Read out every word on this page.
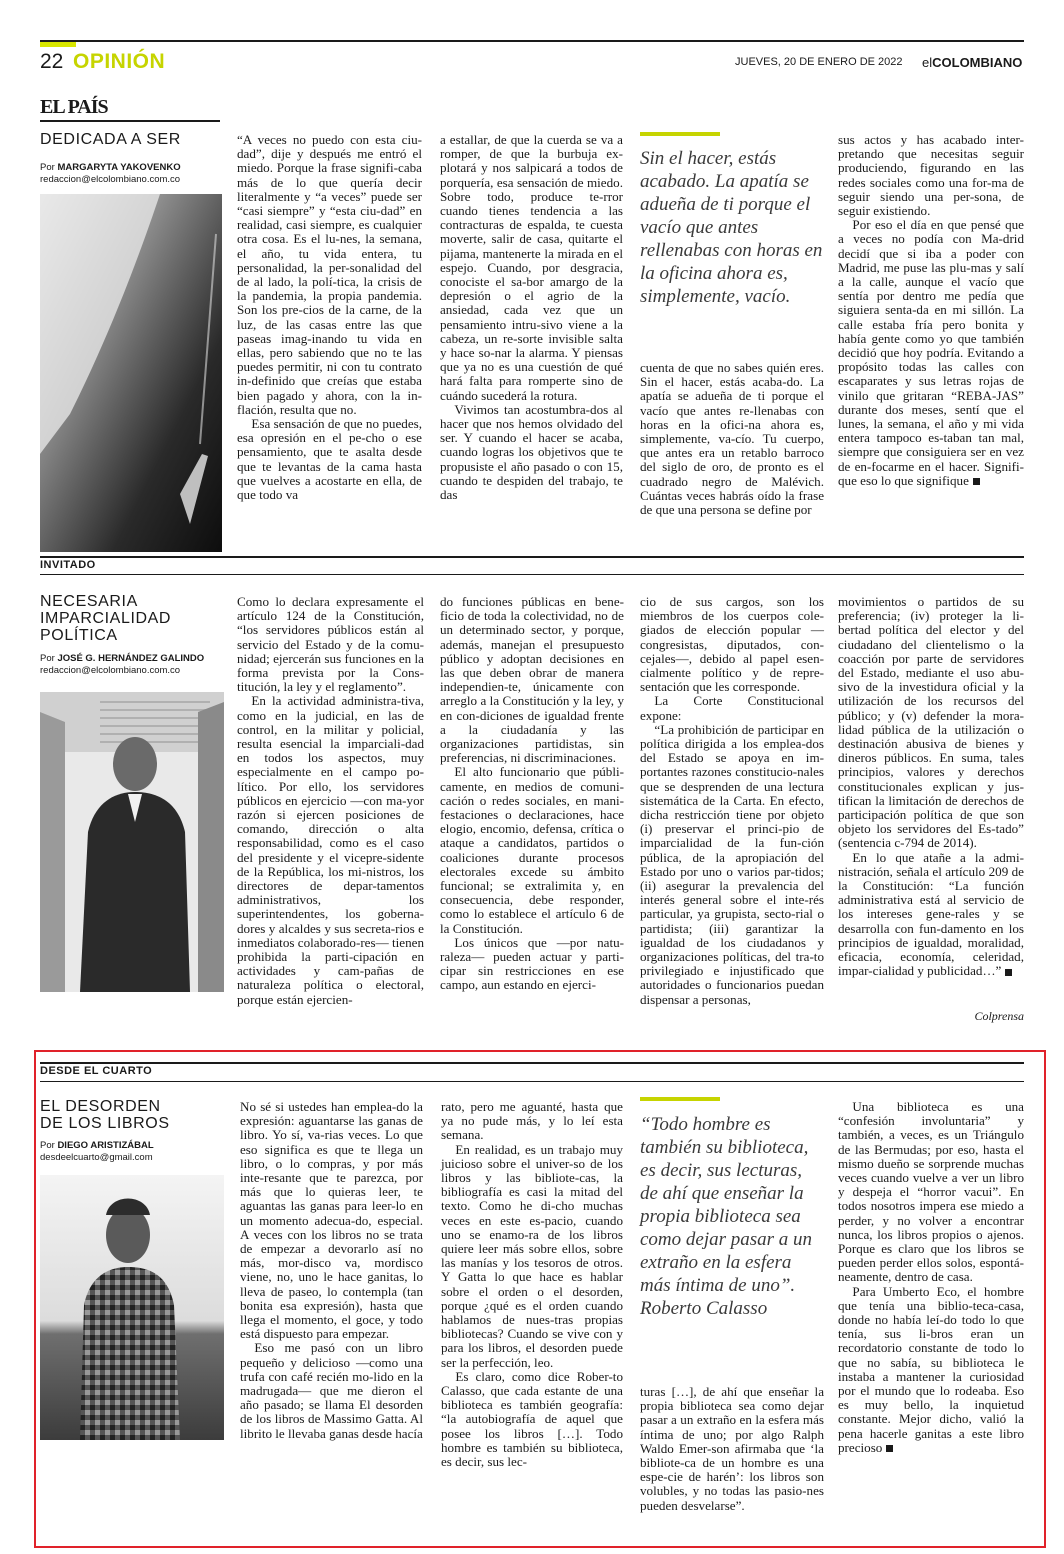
22 OPINIÓN	JUEVES, 20 DE ENERO DE 2022 elCOLOMBIANO
EL PAÍS
DEDICADA A SER
Por MARGARYTA YAKOVENKO
redaccion@elcolombiano.com.co

“A veces no puedo con esta ciu-dad”, dije y después me entró el miedo. Porque la frase signifi-caba más de lo que quería decir literalmente y “a veces” puede ser “casi siempre” y “esta ciu-dad” en realidad, casi siempre, es cualquier otra cosa. Es el lu-nes, la semana, el año, tu vida entera, tu personalidad, la per-sonalidad del de al lado, la polí-tica, la crisis de la pandemia, la propia pandemia. Son los pre-cios de la carne, de la luz, de las casas entre las que paseas imag-inando tu vida en ellas, pero sabiendo que no te las puedes permitir, ni con tu contrato in-definido que creías que estaba bien pagado y ahora, con la in-flación, resulta que no.

Esa sensación de que no puedes, esa opresión en el pe-cho o ese pensamiento, que te asalta desde que te levantas de la cama hasta que vuelves a acostarte en ella, de que todo va

a estallar, de que la cuerda se va a romper, de que la burbuja ex-plotará y nos salpicará a todos de porquería, esa sensación de miedo. Sobre todo, produce te-rror cuando tienes tendencia a las contracturas de espalda, te cuesta moverte, salir de casa, quitarte el pijama, mantenerte la mirada en el espejo. Cuando, por desgracia, conociste el sa-bor amargo de la depresión o el agrio de la ansiedad, cada vez que un pensamiento intru-sivo viene a la cabeza, un re-sorte invisible salta y hace so-nar la alarma. Y piensas que ya no es una cuestión de qué hará falta para romperte sino de cuándo sucederá la rotura.

Vivimos tan acostumbra-dos al hacer que nos hemos olvidado del ser. Y cuando el hacer se acaba, cuando logras los objetivos que te propusiste el año pasado o con 15, cuando te despiden del trabajo, te das

Sin el hacer, estás acabado. La apatía se adueña de ti porque el vacío que antes rellenabas con horas en la oficina ahora es, simplemente, vacío.

cuenta de que no sabes quién eres. Sin el hacer, estás acaba-do. La apatía se adueña de ti porque el vacío que antes re-llenabas con horas en la ofici-na ahora es, simplemente, va-cío. Tu cuerpo, que antes era un retablo barroco del siglo de oro, de pronto es el cuadrado negro de Malévich. Cuántas veces habrás oído la frase de que una persona se define por

sus actos y has acabado inter-pretando que necesitas seguir produciendo, figurando en las redes sociales como una for-ma de seguir siendo una per-sona, de seguir existiendo.

Por eso el día en que pensé que a veces no podía con Ma-drid decidí que si iba a poder con Madrid, me puse las plu-mas y salí a la calle, aunque el vacío que sentía por dentro me pedía que siguiera senta-da en mi sillón. La calle estaba fría pero bonita y había gente como yo que también decidió que hoy podría. Evitando a propósito todas las calles con escaparates y sus letras rojas de vinilo que gritaran “REBA-JAS” durante dos meses, sentí que el lunes, la semana, el año y mi vida entera tampoco es-taban tan mal, siempre que consiguiera ser en vez de en-focarme en el hacer. Signifi-que eso lo que signifique

INVITADO
NECESARIA
IMPARCIALIDAD
POLÍTICA
Por JOSÉ G. HERNÁNDEZ GALINDO
redaccion@elcolombiano.com.co

Como lo declara expresamente el artículo 124 de la Constitución, “los servidores públicos están al servicio del Estado y de la comu-nidad; ejercerán sus funciones en la forma prevista por la Cons-titución, la ley y el reglamento”.

En la actividad administra-tiva, como en la judicial, en las de control, en la militar y policial, resulta esencial la imparciali-dad en todos los aspectos, muy especialmente en el campo po-lítico. Por ello, los servidores públicos en ejercicio —con ma-yor razón si ejercen posiciones de comando, dirección o alta responsabilidad, como es el caso del presidente y el vicepre-sidente de la República, los mi-nistros, los directores de depar-tamentos administrativos, los superintendentes, los goberna-dores y alcaldes y sus secreta-rios e inmediatos colaborado-res— tienen prohibida la parti-cipación en actividades y cam-pañas de naturaleza política o electoral, porque están ejercien-

do funciones públicas en bene-ficio de toda la colectividad, no de un determinado sector, y porque, además, manejan el presupuesto público y adoptan decisiones en las que deben obrar de manera independien-te, únicamente con arreglo a la Constitución y la ley, y en con-diciones de igualdad frente a la ciudadanía y las organizaciones partidistas, sin preferencias, ni discriminaciones.

El alto funcionario que públi-camente, en medios de comuni-cación o redes sociales, en mani-festaciones o declaraciones, hace elogio, encomio, defensa, crítica o ataque a candidatos, partidos o coaliciones durante procesos electorales excede su ámbito funcional; se extralimita y, en consecuencia, debe responder, como lo establece el artículo 6 de la Constitución.

Los únicos que —por natu-raleza— pueden actuar y parti-cipar sin restricciones en ese campo, aun estando en ejerci-

cio de sus cargos, son los miembros de los cuerpos cole-giados de elección popular —congresistas, diputados, con-cejales—, debido al papel esen-cialmente político y de repre-sentación que les corresponde.

La Corte Constitucional expone:

“La prohibición de participar en política dirigida a los emplea-dos del Estado se apoya en im-portantes razones constitucio-nales que se desprenden de una lectura sistemática de la Carta. En efecto, dicha restricción tiene por objeto (i) preservar el princi-pio de imparcialidad de la fun-ción pública, de la apropiación del Estado por uno o varios par-tidos; (ii) asegurar la prevalencia del interés general sobre el inte-rés particular, ya grupista, secto-rial o partidista; (iii) garantizar la igualdad de los ciudadanos y organizaciones políticas, del tra-to privilegiado e injustificado que autoridades o funcionarios puedan dispensar a personas,

movimientos o partidos de su preferencia; (iv) proteger la li-bertad política del elector y del ciudadano del clientelismo o la coacción por parte de servidores del Estado, mediante el uso abu-sivo de la investidura oficial y la utilización de los recursos del público; y (v) defender la mora-lidad pública de la utilización o destinación abusiva de bienes y dineros públicos. En suma, tales principios, valores y derechos constitucionales explican y jus-tifican la limitación de derechos de participación política de que son objeto los servidores del Es-tado” (sentencia c-794 de 2014).

En lo que atañe a la admi-nistración, señala el artículo 209 de la Constitución: “La función administrativa está al servicio de los intereses gene-rales y se desarrolla con fun-damento en los principios de igualdad, moralidad, eficacia, economía, celeridad, impar-cialidad y publicidad…”

Colprensa
DESDE EL CUARTO
EL DESORDEN
DE LOS LIBROS
Por DIEGO ARISTIZÁBAL
desdeelcuarto@gmail.com

No sé si ustedes han emplea-do la expresión: aguantarse las ganas de libro. Yo sí, va-rias veces. Lo que eso significa es que te llega un libro, o lo compras, y por más inte-resante que te parezca, por más que lo quieras leer, te aguantas las ganas para leer-lo en un momento adecua-do, especial. A veces con los libros no se trata de empezar a devorarlo así no más, mor-disco va, mordisco viene, no, uno le hace ganitas, lo lleva de paseo, lo contempla (tan bonita esa expresión), hasta que llega el momento, el goce, y todo está dispuesto para empezar.

Eso me pasó con un libro pequeño y delicioso —como una trufa con café recién mo-lido en la madrugada— que me dieron el año pasado; se llama El desorden de los libros de Massimo Gatta. Al librito le llevaba ganas desde hacía

rato, pero me aguanté, hasta que ya no pude más, y lo leí esta semana.

En realidad, es un trabajo muy juicioso sobre el univer-so de los libros y las bibliote-cas, la bibliografía es casi la mitad del texto. Como he di-cho muchas veces en este es-pacio, cuando uno se enamo-ra de los libros quiere leer más sobre ellos, sobre las manías y los tesoros de otros. Y Gatta lo que hace es hablar sobre el orden o el desorden, porque ¿qué es el orden cuando hablamos de nues-tras propias bibliotecas? Cuando se vive con y para los libros, el desorden puede ser la perfección, leo.

Es claro, como dice Rober-to Calasso, que cada estante de una biblioteca es también geografía: “la autobiografía de aquel que posee los libros […]. Todo hombre es también su biblioteca, es decir, sus lec-

“Todo hombre es también su biblioteca, es decir, sus lecturas, de ahí que enseñar la propia biblioteca sea como dejar pasar a un extraño en la esfera más íntima de uno”. Roberto Calasso

turas […], de ahí que enseñar la propia biblioteca sea como dejar pasar a un extraño en la esfera más íntima de uno; por algo Ralph Waldo Emer-son afirmaba que ‘la bibliote-ca de un hombre es una espe-cie de harén’: los libros son volubles, y no todas las pasio-nes pueden desvelarse”.

Una biblioteca es una “confesión involuntaria” y también, a veces, es un Triángulo de las Bermudas; por eso, hasta el mismo dueño se sorprende muchas veces cuando vuelve a ver un libro y despeja el “horror vacui”. En todos nosotros impera ese miedo a perder, y no volver a encontrar nunca, los libros propios o ajenos. Porque es claro que los libros se pueden perder ellos solos, espontá-neamente, dentro de casa.

Para Umberto Eco, el hombre que tenía una biblio-teca-casa, donde no había leí-do todo lo que tenía, sus li-bros eran un recordatorio constante de todo lo que no sabía, su biblioteca le instaba a mantener la curiosidad por el mundo que lo rodeaba. Eso es muy bello, la inquietud constante. Mejor dicho, valió la pena hacerle ganitas a este libro precioso
